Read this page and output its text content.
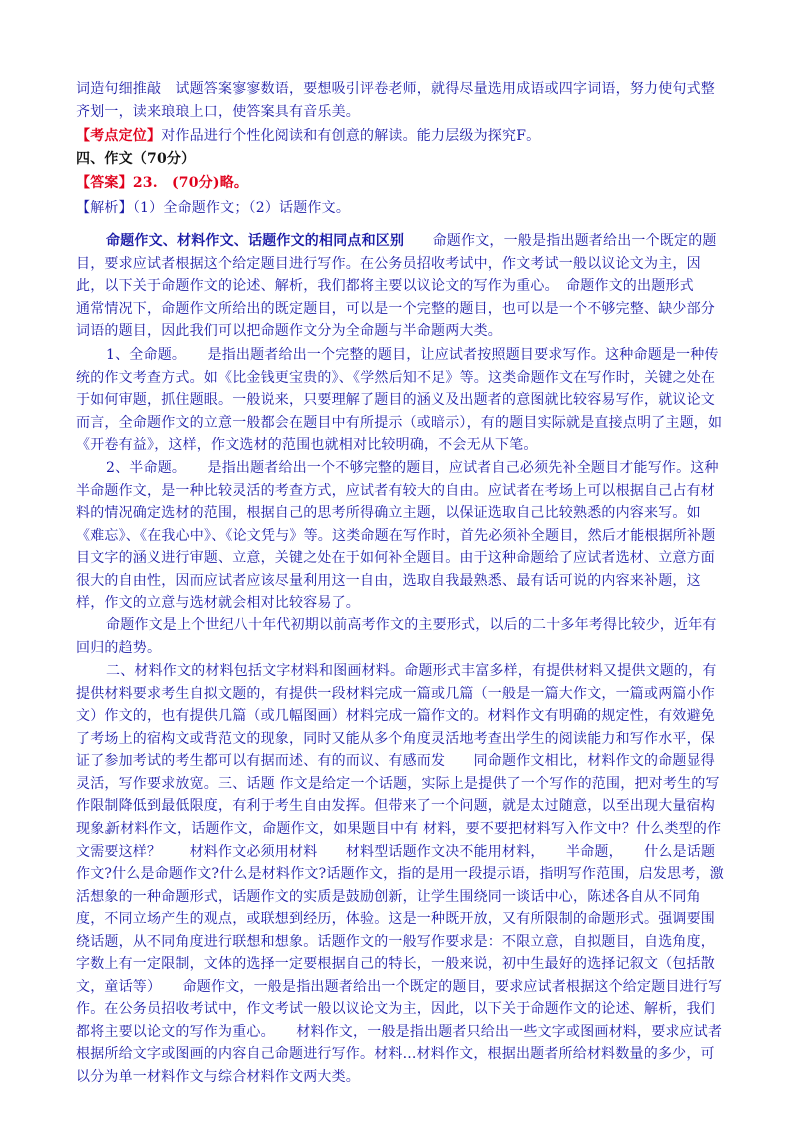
词造句细推敲　试题答案寥寥数语，要想吸引评卷老师，就得尽量选用成语或四字词语，努力使句式整齐划一，读来琅琅上口，使答案具有音乐美。

【考点定位】对作品进行个性化阅读和有创意的解读。能力层级为探究F。

四、作文（70分）

【答案】23.　(70分)略。

【解析】（1）全命题作文；（2）话题作文。

命题作文、材料作文、话题作文的相同点和区别　　命题作文，一般是指出题者给出一个既定的题目，要求应试者根据这个给定题目进行写作。在公务员招收考试中，作文考试一般以议论文为主，因此，以下关于命题作文的论述、解析，我们都将主要以议论文的写作为重心。　命题作文的出题形式　　通常情况下，命题作文所给出的既定题目，可以是一个完整的题目，也可以是一个不够完整、缺少部分词语的题目，因此我们可以把命题作文分为全命题与半命题两大类。

1、全命题。　　是指出题者给出一个完整的题目，让应试者按照题目要求写作。这种命题是一种传统的作文考查方式。如《比金钱更宝贵的》、《学然后知不足》等。这类命题作文在写作时，关键之处在于如何审题，抓住题眼。一般说来，只要理解了题目的涵义及出题者的意图就比较容易写作，就议论文而言，全命题作文的立意一般都会在题目中有所提示（或暗示），有的题目实际就是直接点明了主题，如《开卷有益》，这样，作文选材的范围也就相对比较明确，不会无从下笔。

2、半命题。　　是指出题者给出一个不够完整的题目，应试者自己必须先补全题目才能写作。这种半命题作文，是一种比较灵活的考查方式，应试者有较大的自由。应试者在考场上可以根据自己占有材料的情况确定选材的范围，根据自己的思考所得确立主题，以保证选取自己比较熟悉的内容来写。如《难忘》、《在我心中》、《论文凭与》等。这类命题在写作时，首先必须补全题目，然后才能根据所补题目文字的涵义进行审题、立意，关键之处在于如何补全题目。由于这种命题给了应试者选材、立意方面很大的自由性，因而应试者应该尽量利用这一自由，选取自我最熟悉、最有话可说的内容来补题，这样，作文的立意与选材就会相对比较容易了。

命题作文是上个世纪八十年代初期以前高考作文的主要形式，以后的二十多年考得比较少，近年有回归的趋势。

二、材料作文的材料包括文字材料和图画材料。命题形式丰富多样，有提供材料又提供文题的，有提供材料要求考生自拟文题的，有提供一段材料完成一篇或几篇（一般是一篇大作文，一篇或两篇小作文）作文的，也有提供几篇（或几幅图画）材料完成一篇作文的。材料作文有明确的规定性，有效避免了考场上的宿构文或背范文的现象，同时又能从多个角度灵活地考查出学生的阅读能力和写作水平，保证了参加考试的考生都可以有据而述、有的而议、有感而发　　同命题作文相比，材料作文的命题显得灵活，写作要求放宽。三、话题 作文是给定一个话题，实际上是提供了一个写作的范围，把对考生的写作限制降低到最低限度，有利于考生自由发挥。但带来了一个问题，就是太过随意，以至出现大量宿构现象。

新材料作文，话题作文，命题作文，如果题目中有 材料，要不要把材料写入作文中？什么类型的作文需要这样？　　材料作文必须用材料　　材料型话题作文决不能用材料，　　半命题，　　什么是话题作文?什么是命题作文?什么是材料作文?话题作文，指的是用一段提示语，指明写作范围，启发思考，激活想象的一种命题形式，话题作文的实质是鼓励创新，让学生围绕同一谈话中心，陈述各自从不同角度，不同立场产生的观点，或联想到经历，体验。这是一种既开放，又有所限制的命题形式。强调要围绕话题，从不同角度进行联想和想象。话题作文的一般写作要求是：不限立意，自拟题目，自选角度，字数上有一定限制，文体的选择一定要根据自己的特长，一般来说，初中生最好的选择记叙文（包括散文，童话等）　　命题作文，一般是指出题者给出一个既定的题目，要求应试者根据这个给定题目进行写作。在公务员招收考试中，作文考试一般以议论文为主，因此，以下关于命题作文的论述、解析，我们都将主要以论文的写作为重心。　　材料作文，一般是指出题者只给出一些文字或图画材料，要求应试者根据所给文字或图画的内容自己命题进行写作。材料...材料作文，根据出题者所给材料数量的多少，可以分为单一材料作文与综合材料作文两大类。
